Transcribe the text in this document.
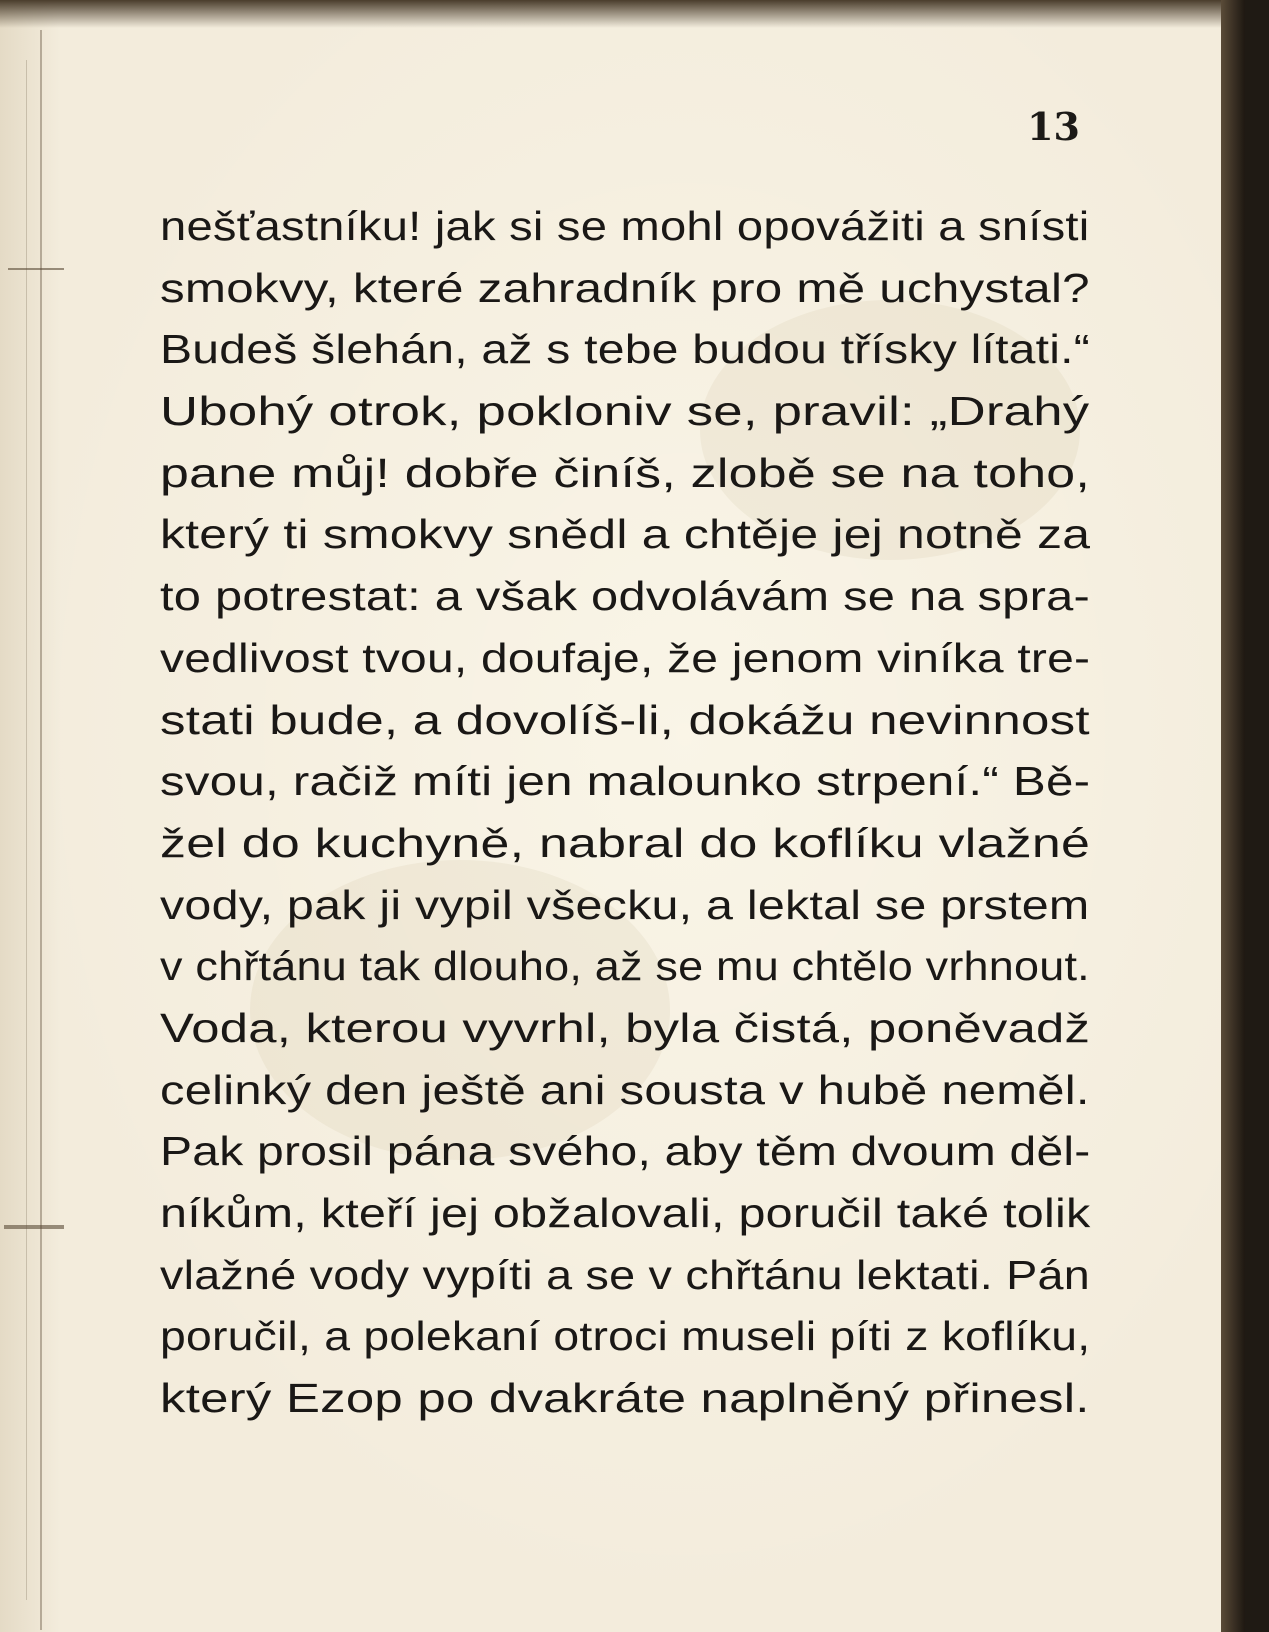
13
nešťastníku! jak si se mohl opovážiti a snísti
smokvy, které zahradník pro mě uchystal?
Budeš šlehán, až s tebe budou třísky lítati.“
Ubohý otrok, pokloniv se, pravil: „Drahý
pane můj! dobře činíš, zlobě se na toho,
který ti smokvy snědl a chtěje jej notně za
to potrestat: a však odvolávám se na spra-
vedlivost tvou, doufaje, že jenom viníka tre-
stati bude, a dovolíš-li, dokážu nevinnost
svou, račiž míti jen malounko strpení.“ Bě-
žel do kuchyně, nabral do koflíku vlažné
vody, pak ji vypil všecku, a lektal se prstem
v chřtánu tak dlouho, až se mu chtělo vrhnout.
Voda, kterou vyvrhl, byla čistá, poněvadž
celinký den ještě ani sousta v hubě neměl.
Pak prosil pána svého, aby těm dvoum děl-
níkům, kteří jej obžalovali, poručil také tolik
vlažné vody vypíti a se v chřtánu lektati. Pán
poručil, a polekaní otroci museli píti z koflíku,
který Ezop po dvakráte naplněný přinesl.
